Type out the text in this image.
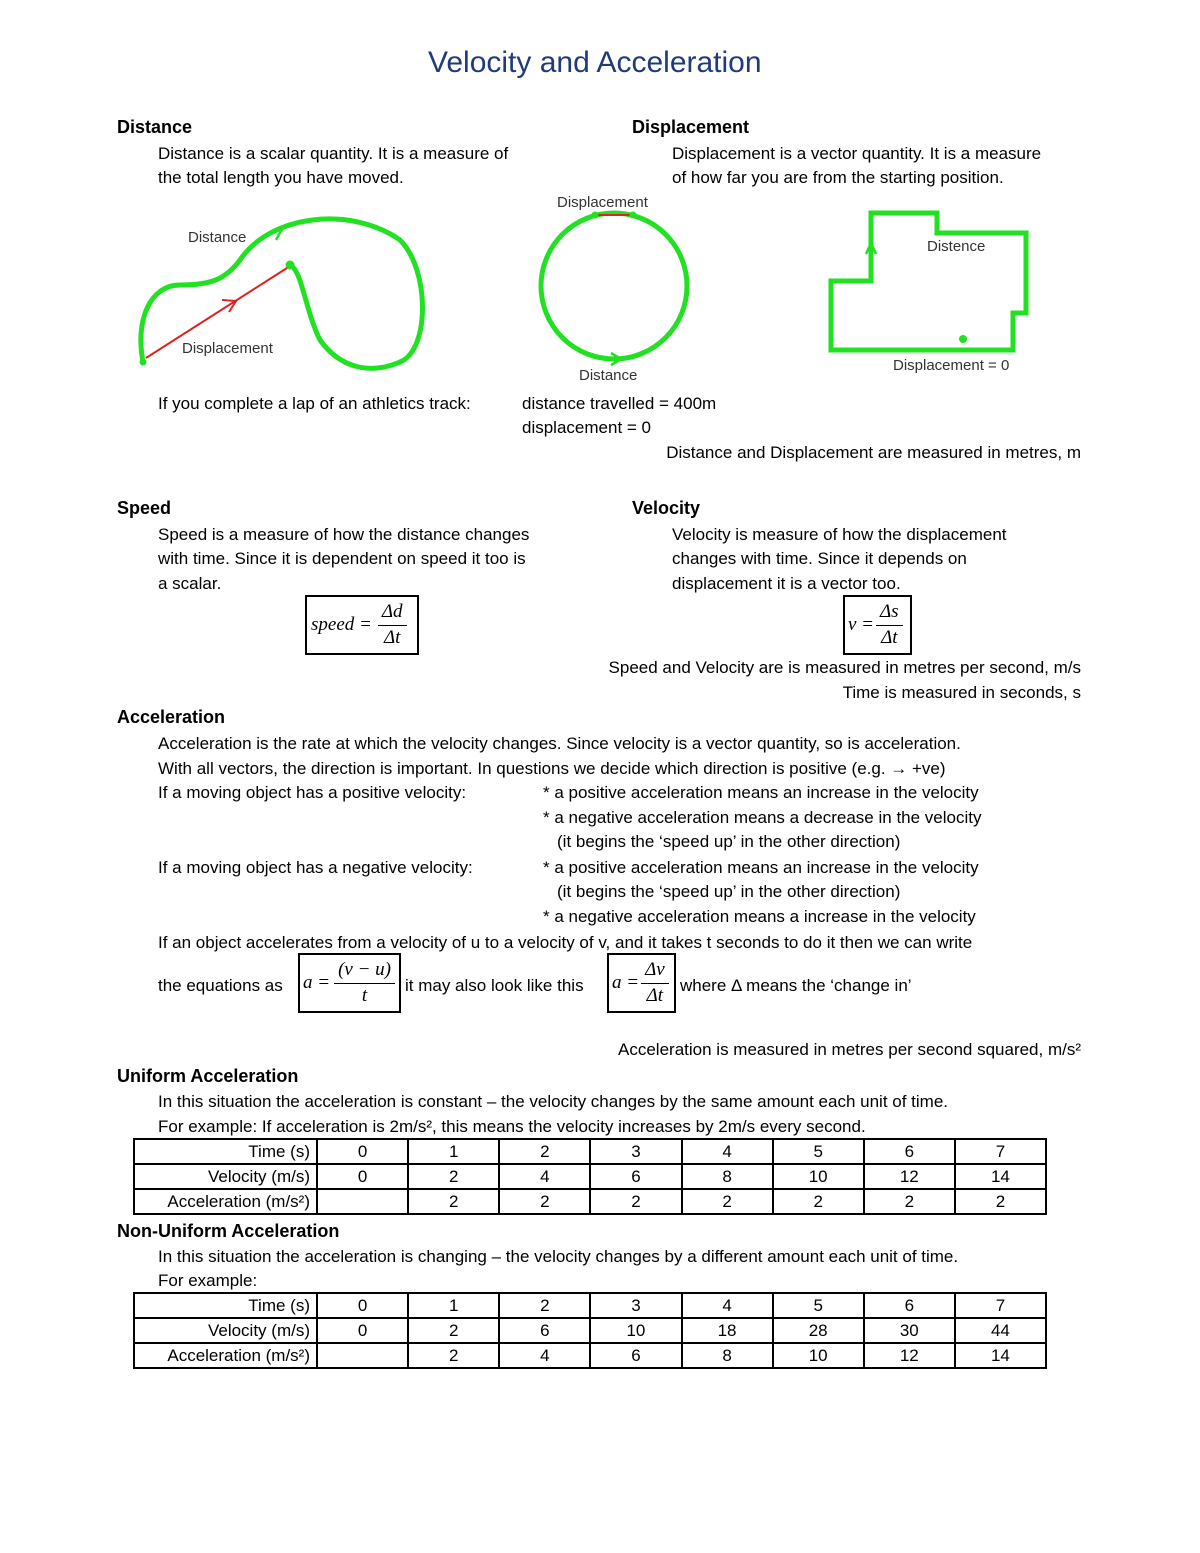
Velocity and Acceleration
Distance
Distance is a scalar quantity. It is a measure of
the total length you have moved.
Displacement
Displacement is a vector quantity. It is a measure
of how far you are from the starting position.
Distance
Displacement
Displacement
Distance
Distence
Displacement = 0
If you complete a lap of an athletics track:	distance travelled = 400m
displacement = 0
Distance and Displacement are measured in metres, m
Speed
Speed is a measure of how the distance changes
with time. Since it is dependent on speed it too is
a scalar.
speed = $\frac{\Delta d}{\Delta t}$
Velocity
Velocity is measure of how the displacement
changes with time. Since it depends on
displacement it is a vector too.
$v = \frac{\Delta s}{\Delta t}$
Speed and Velocity are is measured in metres per second, m/s
Time is measured in seconds, s
Acceleration
Acceleration is the rate at which the velocity changes. Since velocity is a vector quantity, so is acceleration.
With all vectors, the direction is important. In questions we decide which direction is positive (e.g. → +ve)
If a moving object has a positive velocity:	* a positive acceleration means an increase in the velocity
* a negative acceleration means a decrease in the velocity
(it begins the ‘speed up’ in the other direction)
If a moving object has a negative velocity:	* a positive acceleration means an increase in the velocity
(it begins the ‘speed up’ in the other direction)
* a negative acceleration means a increase in the velocity
If an object accelerates from a velocity of u to a velocity of v, and it takes t seconds to do it then we can write
the equations as $a = \frac{(v - u)}{t}$ it may also look like this $a = \frac{\Delta v}{\Delta t}$ where Δ means the ‘change in’
Acceleration is measured in metres per second squared, m/s²
Uniform Acceleration
In this situation the acceleration is constant – the velocity changes by the same amount each unit of time.
For example: If acceleration is 2m/s², this means the velocity increases by 2m/s every second.
Time (s)	0	1	2	3	4	5	6	7
Velocity (m/s)	0	2	4	6	8	10	12	14
Acceleration (m/s²)		2	2	2	2	2	2	2
Non-Uniform Acceleration
In this situation the acceleration is changing – the velocity changes by a different amount each unit of time.
For example:
Time (s)	0	1	2	3	4	5	6	7
Velocity (m/s)	0	2	6	10	18	28	30	44
Acceleration (m/s²)		2	4	6	8	10	12	14
